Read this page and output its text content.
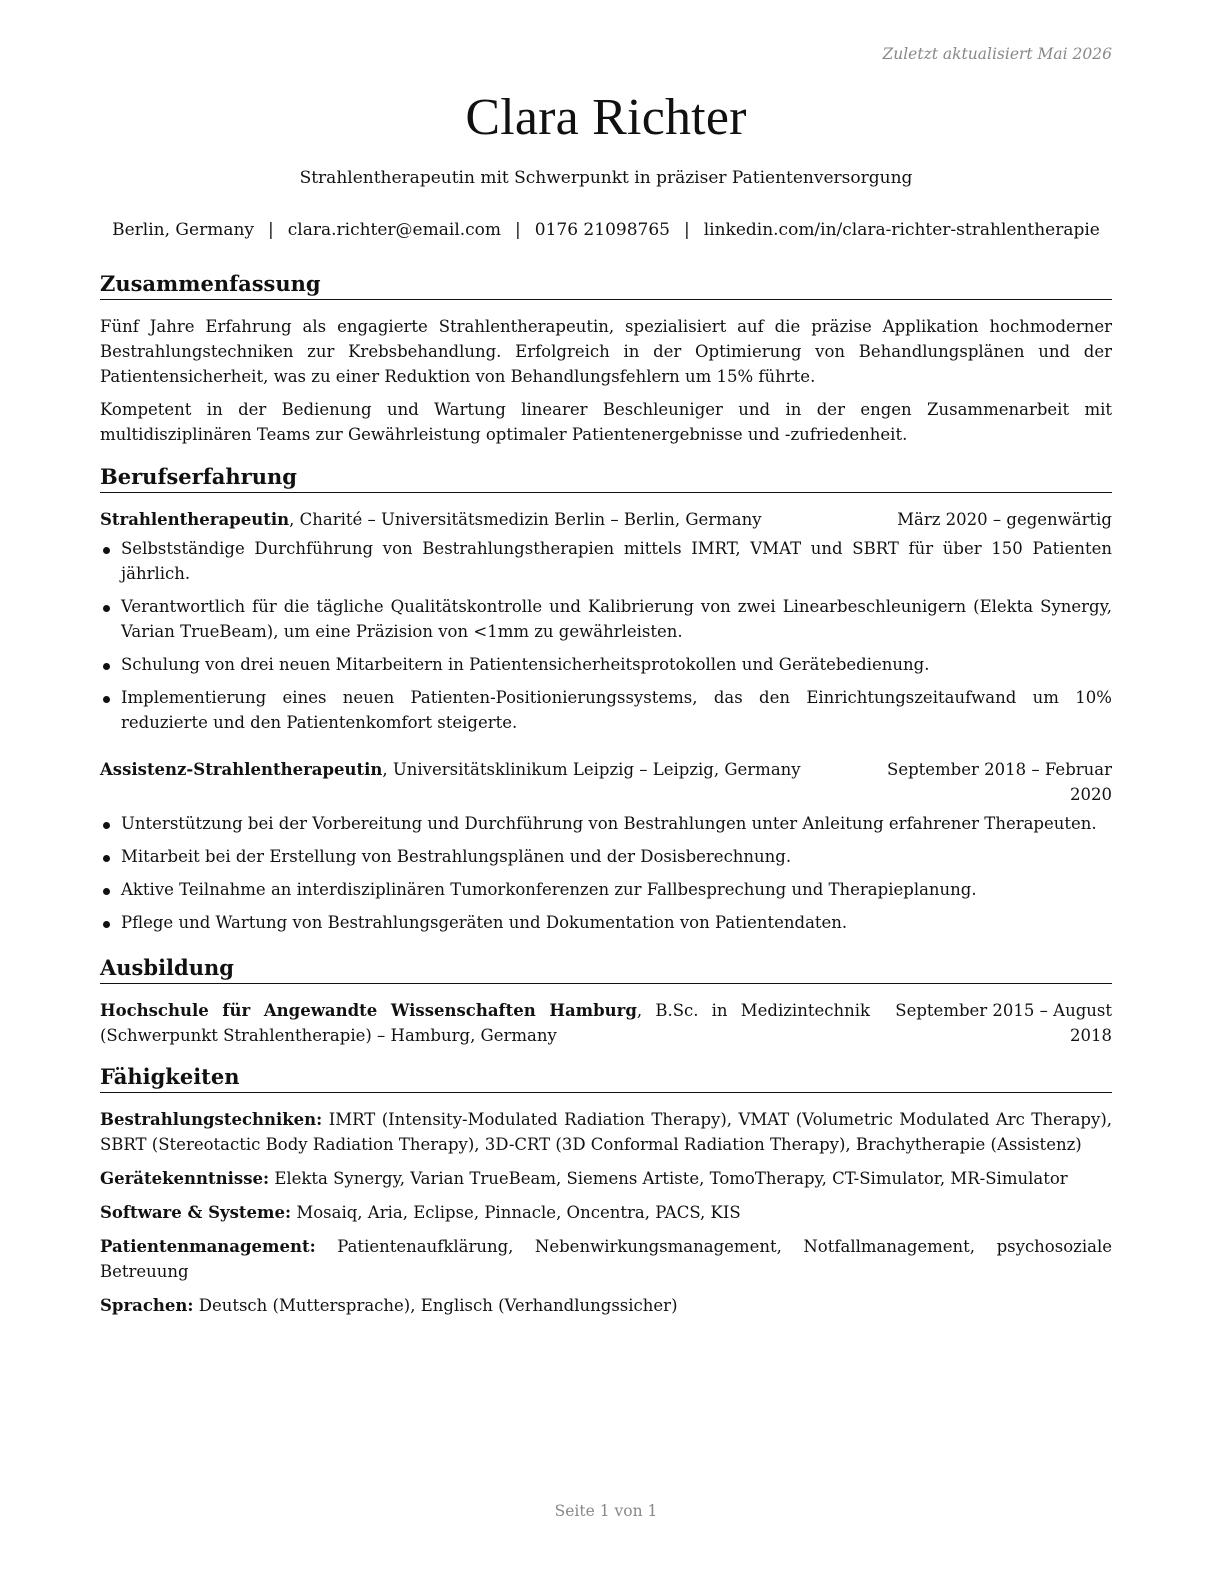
Zuletzt aktualisiert Mai 2026
Clara Richter
Strahlentherapeutin mit Schwerpunkt in präziser Patientenversorgung
Berlin, Germany | clara.richter@email.com | 0176 21098765 | linkedin.com/in/clara-richter-strahlentherapie
Zusammenfassung

Fünf Jahre Erfahrung als engagierte Strahlentherapeutin, spezialisiert auf die präzise Applikation hochmoderner Bestrahlungstechniken zur Krebsbehandlung. Erfolgreich in der Optimierung von Behandlungsplänen und der Patientensicherheit, was zu einer Reduktion von Behandlungsfehlern um 15% führte.

Kompetent in der Bedienung und Wartung linearer Beschleuniger und in der engen Zusammenarbeit mit multidisziplinären Teams zur Gewährleistung optimaler Patientenergebnisse und -zufriedenheit.

Berufserfahrung
Strahlentherapeutin, Charité – Universitätsmedizin Berlin – Berlin, Germany	März 2020 – gegenwärtig
Selbstständige Durchführung von Bestrahlungstherapien mittels IMRT, VMAT und SBRT für über 150 Patienten jährlich.
Verantwortlich für die tägliche Qualitätskontrolle und Kalibrierung von zwei Linearbeschleunigern (Elekta Synergy, Varian TrueBeam), um eine Präzision von <1mm zu gewährleisten.
Schulung von drei neuen Mitarbeitern in Patientensicherheitsprotokollen und Gerätebedienung.
Implementierung eines neuen Patienten-Positionierungssystems, das den Einrichtungszeitaufwand um 10% reduzierte und den Patientenkomfort steigerte.
Assistenz-Strahlentherapeutin, Universitätsklinikum Leipzig – Leipzig, Germany	September 2018 – Februar 2020
Unterstützung bei der Vorbereitung und Durchführung von Bestrahlungen unter Anleitung erfahrener Therapeuten.
Mitarbeit bei der Erstellung von Bestrahlungsplänen und der Dosisberechnung.
Aktive Teilnahme an interdisziplinären Tumorkonferenzen zur Fallbesprechung und Therapieplanung.
Pflege und Wartung von Bestrahlungsgeräten und Dokumentation von Patientendaten.
Ausbildung
Hochschule für Angewandte Wissenschaften Hamburg, B.Sc. in Medizintechnik (Schwerpunkt Strahlentherapie) – Hamburg, Germany
September 2015 – August 2018
Fähigkeiten
Bestrahlungstechniken: IMRT (Intensity-Modulated Radiation Therapy), VMAT (Volumetric Modulated Arc Therapy), SBRT (Stereotactic Body Radiation Therapy), 3D-CRT (3D Conformal Radiation Therapy), Brachytherapie (Assistenz)
Gerätekenntnisse: Elekta Synergy, Varian TrueBeam, Siemens Artiste, TomoTherapy, CT-Simulator, MR-Simulator
Software & Systeme: Mosaiq, Aria, Eclipse, Pinnacle, Oncentra, PACS, KIS
Patientenmanagement: Patientenaufklärung, Nebenwirkungsmanagement, Notfallmanagement, psychosoziale Betreuung
Sprachen: Deutsch (Muttersprache), Englisch (Verhandlungssicher)
Seite 1 von 1
